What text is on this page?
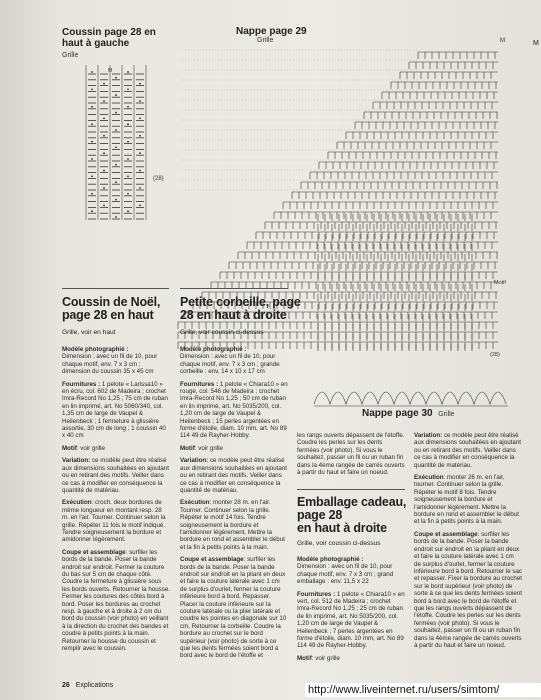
Coussin page 28 en
haut à gauche
Grille
M
(28)
Nappe page 29
Grille	M
Motif
(28)
Nappe page 30 Grille
Coussin de Noël,
page 28 en haut
Grille, voir en haut

Modèle photographié :
Dimension : avec un fil de 10, pour chaque motif, env. 7 x 3 cm ; dimension du coussin 35 x 45 cm

Fournitures : 1 pelote « Larissa10 » en écru, col. 602 de Madeira ; crochet Imra-Record No 1,25 ; 75 cm de ruban en lin imprimé, art. No 5060/340, col. 1,35 cm de large de Vaupel & Heilenbeck ; 1 fermeture à glissière assortie, 30 cm de long ; 1 coussin 40 x 40 cm

Motif: voir grille

Variation: ce modèle peut être réalisé aux dimensions souhaitées en ajoutant ou en retirant des motifs. Veiller dans ce cas à modifier en conséquence la quantité de matériau.

Exécution: croch. deux bordures de même longueur en montant resp. 28 m. en l'air. Tourner. Continuer selon la grille. Répéter 11 fois le motif indiqué. Tendre soigneusement la bordure et amidonner légèrement.

Coupe et assemblage: surfiler les bords de la bande. Poser la bande endroit sur endroit. Fermer la couture du bas sur 5 cm de chaque côté. Coudre la fermeture à glissière sous les bords ouverts. Retourner la housse. Fermer les coutures des côtés bord à bord. Poser les bordures au crochet resp. à gauche et à droite à 2 cm du bord du coussin (voir photo) en veillant à la direction du crochet des bandes et coudre à petits points à la main. Retourner la housse du coussin et remplir avec le coussin.

Petite corbeille, page
28 en haut à droite
Grille, voir coussin ci-dessus

Modèle photographié :
Dimension : avec un fil de 10, pour chaque motif, env. 7 x 3 cm ; grande corbeille : env. 14 x 10 x 17 cm

Fournitures : 1 pelote « Chiara10 » en rouge, col. 546 de Madeira ; crochet Imra-Record No 1,25 ; 50 cm de ruban en lin imprimé, art. No 5035/200, col. 1,20 cm de large de Vaupel & Heilenbeck ; 15 perles argentées en forme d'étoile, diam. 10 mm, art. No 89 114 49 de Rayher-Hobby.

Motif: voir grille

Variation: ce modèle peut être réalisé aux dimensions souhaitées en ajoutant ou en retirant des motifs. Veiller dans ce cas à modifier en conséquence la quantité de matériau.

Exécution: monter 28 m. en l'air. Tourner. Continuer selon la grille. Répéter le motif 14 fois. Tendre soigneusement la bordure et l'amidonner légèrement. Mettre la bordure en rond et assembler le début et la fin à petits points à la main.

Coupe et assemblage: surfiler les bords de la bande. Poser la bande endroit sur endroit en la pliant en deux et faire la couture latérale avec 1 cm de surplus d'ourlet, fermer la couture inférieure bord à bord. Repasser. Placer la couture inférieure sur la couture latérale ou la plier latérale et coudre les pointes en diagonale sur 10 cm. Retourner la corbeille. Coudre la bordure au crochet sur le bord supérieur (voir photo) de sorte à ce que les dents fermées soient bord à bord avec le bord de l'étoffe et

les rangs ouverts dépassent de l'étoffe. Coudre les perles sur les dents fermées (voir photo). Si vous le souhaitez, passer un fil ou un ruban fin dans la 4ème rangée de carrés ouverts à partir du haut et faire un noeud.
Emballage cadeau,
page 28
en haut à droite
Grille, voir coussin ci-dessus

Modèle photographié :
Dimension : avec un fil de 10, pour chaque motif, env. 7 x 3 cm ; grand emballage : env. 11,5 x 22

Fournitures : 1 pelote « Chiara10 » en vert, col. 512 de Madeira ; crochet Imra-Record No 1,25 ; 25 cm de ruban de lin imprimé, art. No 5035/200, col. 1,20 cm de large de Vaupel & Heilenbeck ; 7 perles argentées en forme d'étoile, diam. 10 mm, art. No 89 114 49 de Rayher-Hobby.

Motif: voir grille

Variation: ce modèle peut être réalisé aux dimensions souhaitées en ajoutant ou en retirant des motifs. Veiller dans ce cas à modifier en conséquence la quantité de matériau.

Exécution: monter 26 m. en l'air, tourner. Continuer selon la grille. Répéter le motif 8 fois. Tendre soigneusement la bordure et l'amidonner légèrement. Mettre la bordure en rond et assembler le début et la fin à petits points à la main.

Coupe et assemblage: surfiler les bords de la bande. Poser la bande endroit sur endroit en la pliant en deux et faire la couture latérale avec 1 cm de surplus d'ourlet, fermer la couture inférieure bord à bord. Retourner le sac et repasser. Fixer la bordure au crochet sur le bord supérieur (voir photo) de sorte à ce que les dents fermées soient bord à bord avec le bord de l'étoffe et que les rangs ouverts dépassent de l'étoffe. Coudre les perles sur les dents fermées (voir photo). Si vous le souhaitez, passer un fil ou un ruban fin dans la 4ème rangée de carrés ouverts à partir du haut et faire un noeud.

26 Explications	http://www.liveinternet.ru/users/simtom/
M
